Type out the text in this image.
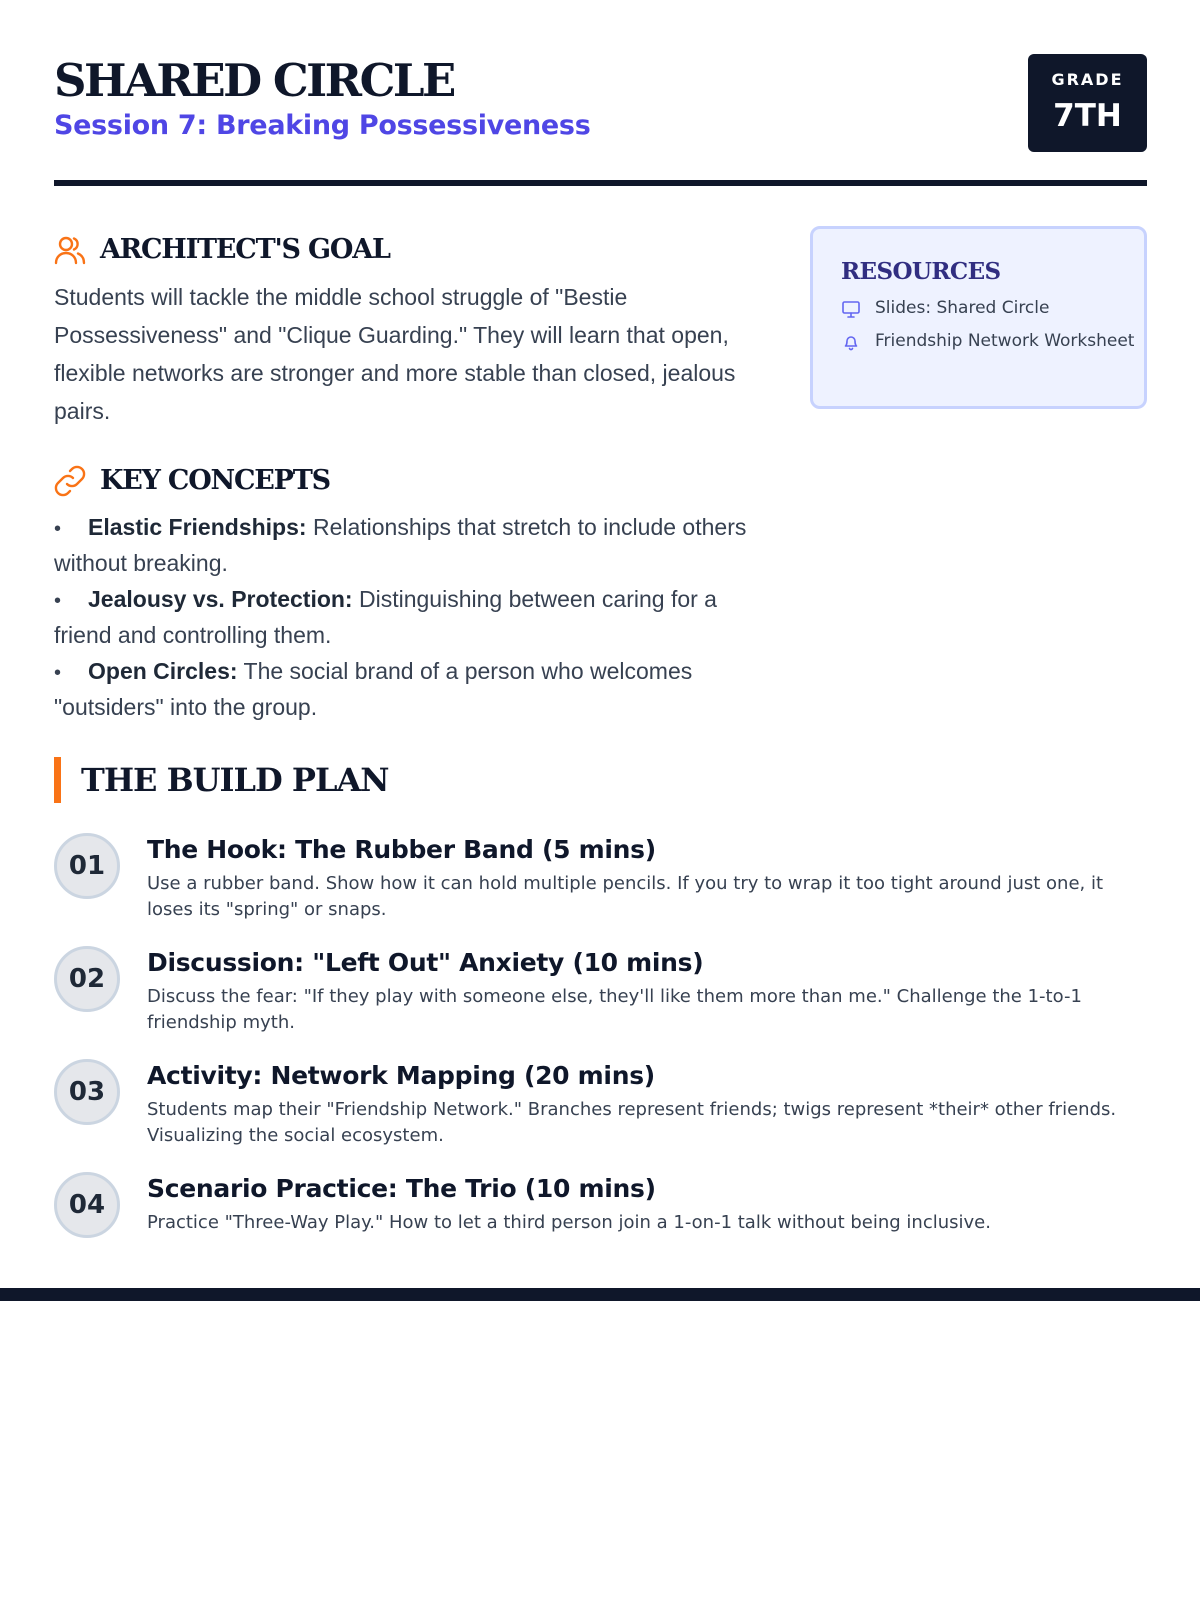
SHARED CIRCLE
Session 7: Breaking Possessiveness
GRADE
7TH
ARCHITECT'S GOAL

Students will tackle the middle school struggle of "Bestie Possessiveness" and "Clique Guarding." They will learn that open, flexible networks are stronger and more stable than closed, jealous pairs.

KEY CONCEPTS
• Elastic Friendships: Relationships that stretch to include others without breaking.
• Jealousy vs. Protection: Distinguishing between caring for a friend and controlling them.
• Open Circles: The social brand of a person who welcomes "outsiders" into the group.
RESOURCES
Slides: Shared Circle
Friendship Network Worksheet
THE BUILD PLAN
01
The Hook: The Rubber Band (5 mins)
Use a rubber band. Show how it can hold multiple pencils. If you try to wrap it too tight around just one, it loses its "spring" or snaps.
02
Discussion: "Left Out" Anxiety (10 mins)
Discuss the fear: "If they play with someone else, they'll like them more than me." Challenge the 1-to-1 friendship myth.
03
Activity: Network Mapping (20 mins)
Students map their "Friendship Network." Branches represent friends; twigs represent *their* other friends. Visualizing the social ecosystem.
04
Scenario Practice: The Trio (10 mins)
Practice "Three-Way Play." How to let a third person join a 1-on-1 talk without being inclusive.
